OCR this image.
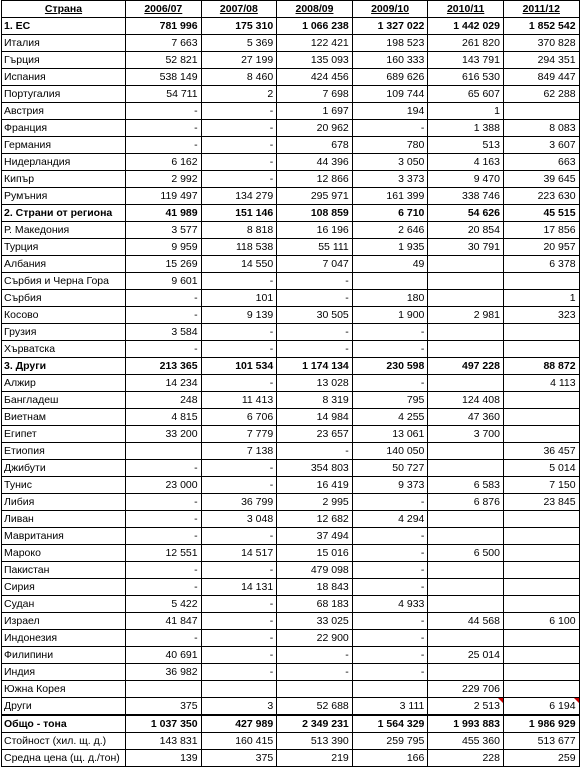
Страна	2006/07	2007/08	2008/09	2009/10	2010/11	2011/12
1. ЕС	781 996	175 310	1 066 238	1 327 022	1 442 029	1 852 542
Италия	7 663	5 369	122 421	198 523	261 820	370 828
Гърция	52 821	27 199	135 093	160 333	143 791	294 351
Испания	538 149	8 460	424 456	689 626	616 530	849 447
Португалия	54 711	2	7 698	109 744	65 607	62 288
Австрия	-	-	1 697	194	1	
Франция	-	-	20 962	-	1 388	8 083
Германия	-	-	678	780	513	3 607
Нидерландия	6 162	-	44 396	3 050	4 163	663
Кипър	2 992	-	12 866	3 373	9 470	39 645
Румъния	119 497	134 279	295 971	161 399	338 746	223 630
2. Страни от региона	41 989	151 146	108 859	6 710	54 626	45 515
Р. Македония	3 577	8 818	16 196	2 646	20 854	17 856
Турция	9 959	118 538	55 111	1 935	30 791	20 957
Албания	15 269	14 550	7 047	49		6 378
Сърбия и Черна Гора	9 601	-	-			
Сърбия	-	101	-	180		1
Косово	-	9 139	30 505	1 900	2 981	323
Грузия	3 584	-	-	-		
Хърватска	-	-	-	-		
3. Други	213 365	101 534	1 174 134	230 598	497 228	88 872
Алжир	14 234	-	13 028	-		4 113
Бангладеш	248	11 413	8 319	795	124 408	
Виетнам	4 815	6 706	14 984	4 255	47 360	
Египет	33 200	7 779	23 657	13 061	3 700	
Етиопия		7 138	-	140 050		36 457
Джибути	-	-	354 803	50 727		5 014
Тунис	23 000	-	16 419	9 373	6 583	7 150
Либия	-	36 799	2 995	-	6 876	23 845
Ливан	-	3 048	12 682	4 294		
Мавритания	-	-	37 494	-		
Мароко	12 551	14 517	15 016	-	6 500	
Пакистан	-	-	479 098	-		
Сирия	-	14 131	18 843	-		
Судан	5 422	-	68 183	4 933		
Израел	41 847	-	33 025	-	44 568	6 100
Индонезия	-	-	22 900	-		
Филипини	40 691	-	-	-	25 014	
Индия	36 982	-	-	-		
Южна Корея					229 706	
Други	375	3	52 688	3 111	2 513	6 194
Общо - тона	1 037 350	427 989	2 349 231	1 564 329	1 993 883	1 986 929
Стойност (хил. щ. д.)	143 831	160 415	513 390	259 795	455 360	513 677
Средна цена (щ. д./тон)	139	375	219	166	228	259
